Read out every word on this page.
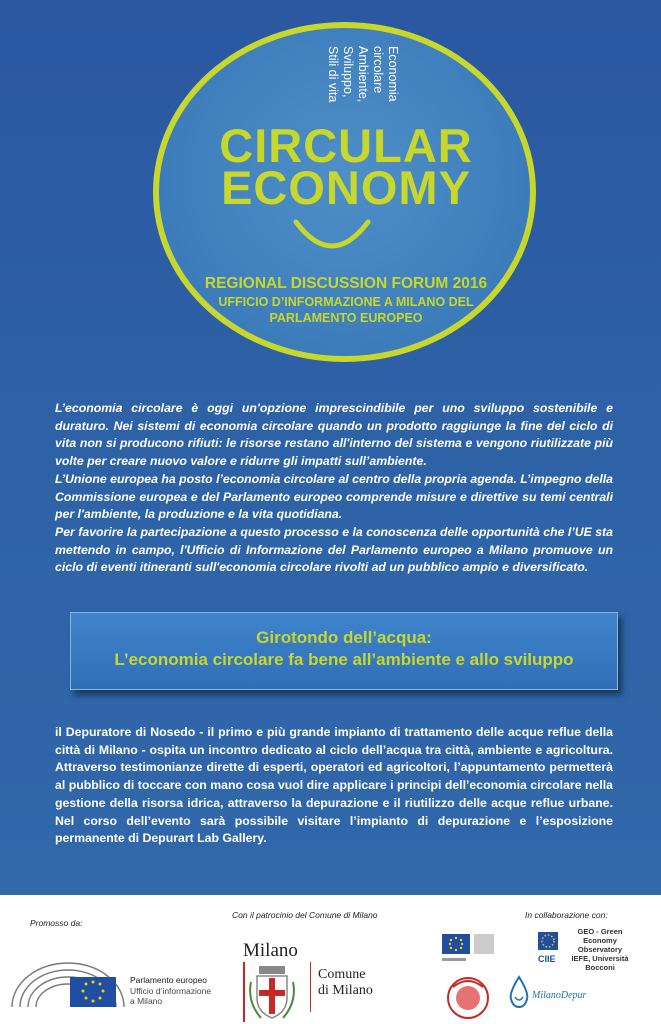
Economia
circolare
Ambiente,
Sviluppo,
Stili di vita
CIRCULAR
ECONOMY
REGIONAL DISCUSSION FORUM 2016
UFFICIO D’INFORMAZIONE A MILANO DEL
PARLAMENTO EUROPEO

L’economia circolare è oggi un'opzione imprescindibile per uno sviluppo sostenibile e duraturo. Nei sistemi di economia circolare quando un prodotto raggiunge la fine del ciclo di vita non si producono rifiuti: le risorse restano all'interno del sistema e vengono riutilizzate più volte per creare nuovo valore e ridurre gli impatti sull’ambiente.

L’Unione europea ha posto l’economia circolare al centro della propria agenda. L’impegno della Commissione europea e del Parlamento europeo comprende misure e direttive su temi centrali per l'ambiente, la produzione e la vita quotidiana.

Per favorire la partecipazione a questo processo e la conoscenza delle opportunità che l’UE sta mettendo in campo, l'Ufficio di Informazione del Parlamento europeo a Milano promuove un ciclo di eventi itineranti sull'economia circolare rivolti ad un pubblico ampio e diversificato.

Girotondo dell’acqua:
L’economia circolare fa bene all’ambiente e allo sviluppo
il Depuratore di Nosedo - il primo e più grande impianto di trattamento delle acque reflue della città di Milano - ospita un incontro dedicato al ciclo dell’acqua tra città, ambiente e agricoltura. Attraverso testimonianze dirette di esperti, operatori ed agricoltori, l’appuntamento permetterà al pubblico di toccare con mano cosa vuol dire applicare i principi dell’economia circolare nella gestione della risorsa idrica, attraverso la depurazione e il riutilizzo delle acque reflue urbane. Nel corso dell’evento sarà possibile visitare l’impianto di depurazione e l’esposizione permanente di Depurart Lab Gallery.
Promosso da:
Con il patrocinio del Comune di Milano	In collaborazione con:
Parlamento europeo
Ufficio d’informazione
a Milano
Milano
Comune
di Milano
CIIE
GEO - Green
Economy
Observatory
IEFE, Università
Bocconi
MilanoDepur
